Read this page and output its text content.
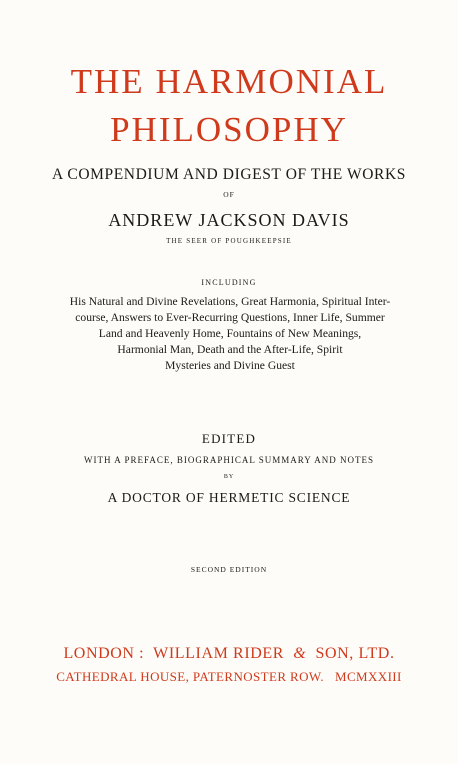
THE HARMONIAL
PHILOSOPHY
A COMPENDIUM AND DIGEST OF THE WORKS
OF
ANDREW JACKSON DAVIS
THE SEER OF POUGHKEEPSIE
INCLUDING
His Natural and Divine Revelations, Great Harmonia, Spiritual Inter-
course, Answers to Ever-Recurring Questions, Inner Life, Summer
Land and Heavenly Home, Fountains of New Meanings,
Harmonial Man, Death and the After-Life, Spirit
Mysteries and Divine Guest
EDITED
WITH A PREFACE, BIOGRAPHICAL SUMMARY AND NOTES
BY
A DOCTOR OF HERMETIC SCIENCE
SECOND EDITION
LONDON : WILLIAM RIDER & SON, LTD.
CATHEDRAL HOUSE, PATERNOSTER ROW. MCMXXIII
